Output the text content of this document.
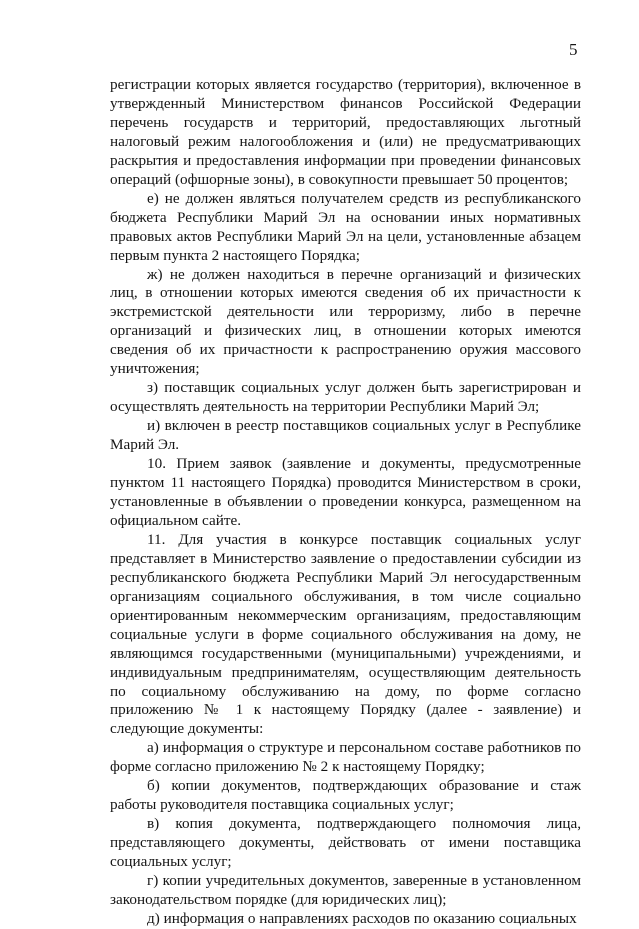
5

регистрации которых является государство (территория), включенное в утвержденный Министерством финансов Российской Федерации перечень государств и территорий, предоставляющих льготный налоговый режим налогообложения и (или) не предусматривающих раскрытия и предоставления информации при проведении финансовых операций (офшорные зоны), в совокупности превышает 50 процентов;

е) не должен являться получателем средств из республиканского бюджета Республики Марий Эл на основании иных нормативных правовых актов Республики Марий Эл на цели, установленные абзацем первым пункта 2 настоящего Порядка;

ж) не должен находиться в перечне организаций и физических лиц, в отношении которых имеются сведения об их причастности к экстремистской деятельности или терроризму, либо в перечне организаций и физических лиц, в отношении которых имеются сведения об их причастности к распространению оружия массового уничтожения;

з) поставщик социальных услуг должен быть зарегистрирован и осуществлять деятельность на территории Республики Марий Эл;

и) включен в реестр поставщиков социальных услуг в Республике Марий Эл.

10. Прием заявок (заявление и документы, предусмотренные пунктом 11 настоящего Порядка) проводится Министерством в сроки, установленные в объявлении о проведении конкурса, размещенном на официальном сайте.

11. Для участия в конкурсе поставщик социальных услуг представляет в Министерство заявление о предоставлении субсидии из республиканского бюджета Республики Марий Эл негосударственным организациям социального обслуживания, в том числе социально ориентированным некоммерческим организациям, предоставляющим социальные услуги в форме социального обслуживания на дому, не являющимся государственными (муниципальными) учреждениями, и индивидуальным предпринимателям, осуществляющим деятельность по социальному обслуживанию на дому, по форме согласно приложению № 1 к настоящему Порядку (далее - заявление) и следующие документы:

а) информация о структуре и персональном составе работников по форме согласно приложению № 2 к настоящему Порядку;

б) копии документов, подтверждающих образование и стаж работы руководителя поставщика социальных услуг;

в) копия документа, подтверждающего полномочия лица, представляющего документы, действовать от имени поставщика социальных услуг;

г) копии учредительных документов, заверенные в установленном законодательством порядке (для юридических лиц);

д) информация о направлениях расходов по оказанию социальных
